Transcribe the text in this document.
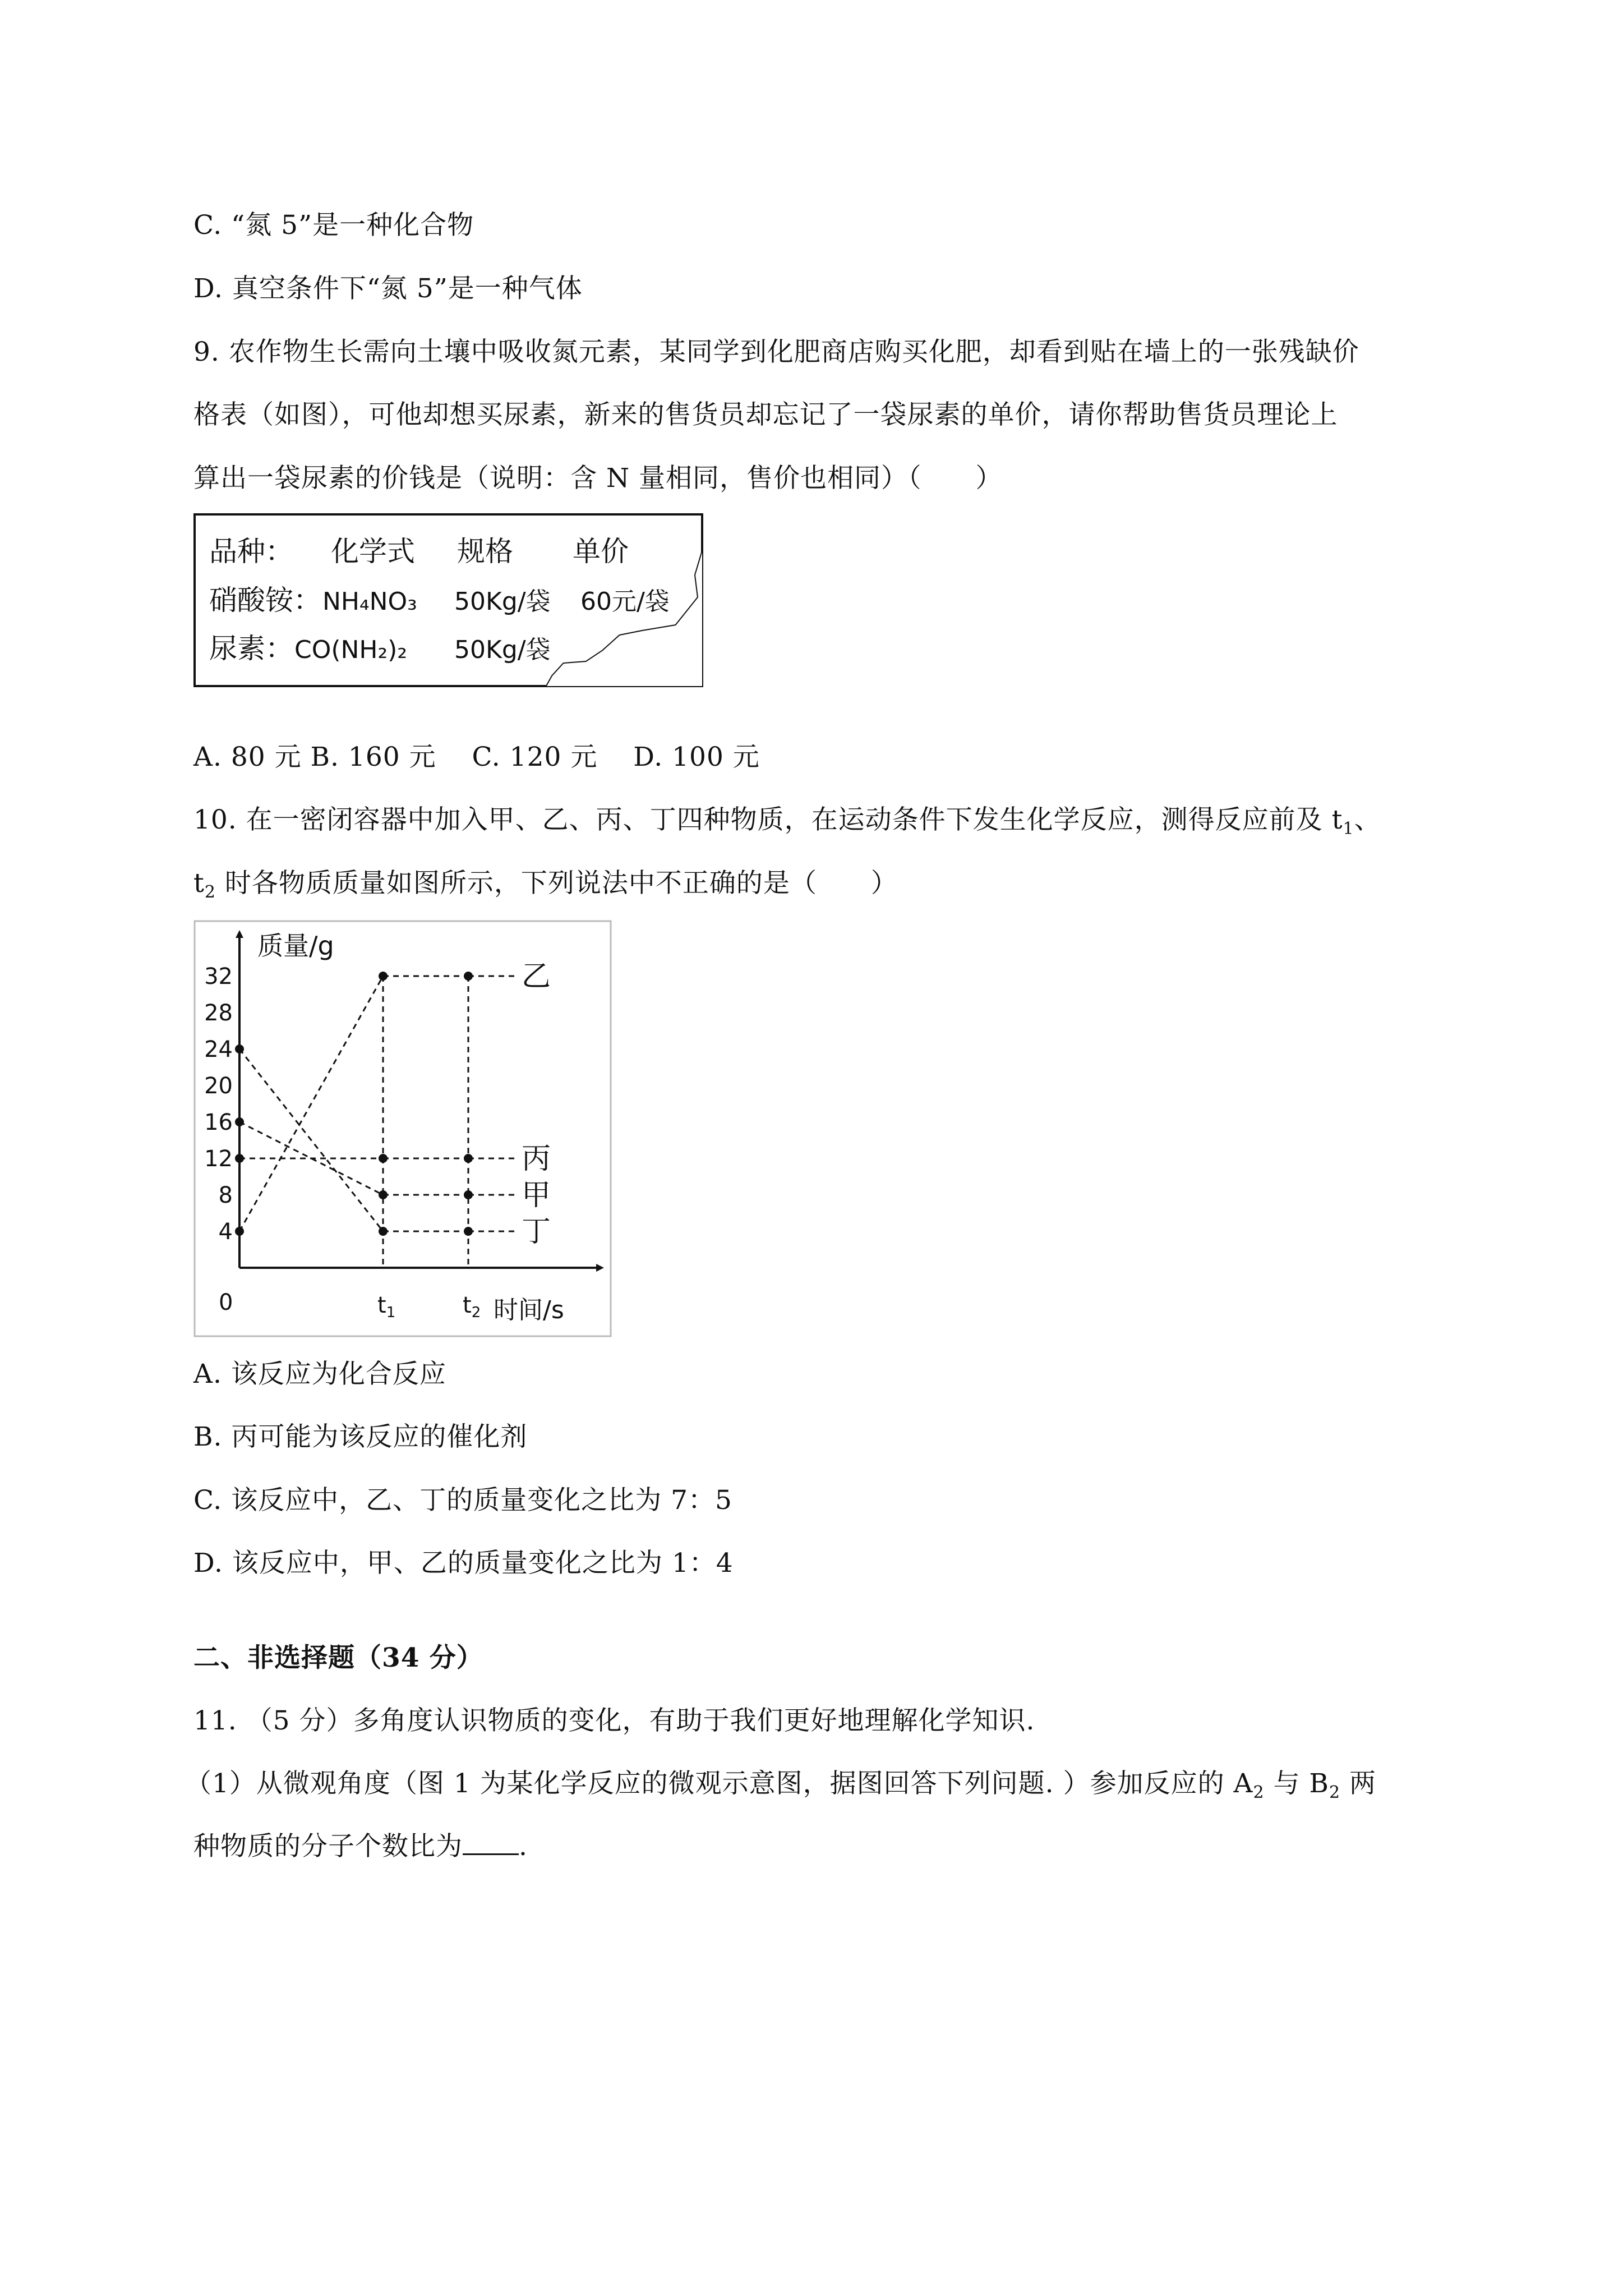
C. “氮 5”是一种化合物
D. 真空条件下“氮 5”是一种气体
9. 农作物生长需向土壤中吸收氮元素，某同学到化肥商店购买化肥，却看到贴在墙上的一张残缺价
格表（如图），可他却想买尿素，新来的售货员却忘记了一袋尿素的单价，请你帮助售货员理论上
算出一袋尿素的价钱是（说明：含 N 量相同，售价也相同）（　　）
品种： 化学式 规格 单价
硝酸铵： NH₄NO₃ 50Kg/袋 60元/袋
尿素： CO(NH₂)₂ 50Kg/袋
A. 80 元 B. 160 元　 C. 120 元　 D. 100 元
10. 在一密闭容器中加入甲、乙、丙、丁四种物质，在运动条件下发生化学反应，测得反应前及 $t_1$、
$t_2$ 时各物质质量如图所示，下列说法中不正确的是（　　）
质量/g
时间/s
0
4
8
12
16
20
24
28
32
$t_1$	$t_2$
乙
丙
甲
丁
A. 该反应为化合反应
B. 丙可能为该反应的催化剂
C. 该反应中，乙、丁的质量变化之比为 7：5
D. 该反应中，甲、乙的质量变化之比为 1：4
二、非选择题（34 分）
11. （5 分）多角度认识物质的变化，有助于我们更好地理解化学知识.
（1）从微观角度（图 1 为某化学反应的微观示意图，据图回答下列问题. ）参加反应的 $A_2$ 与 $B_2$ 两
种物质的分子个数比为 .
